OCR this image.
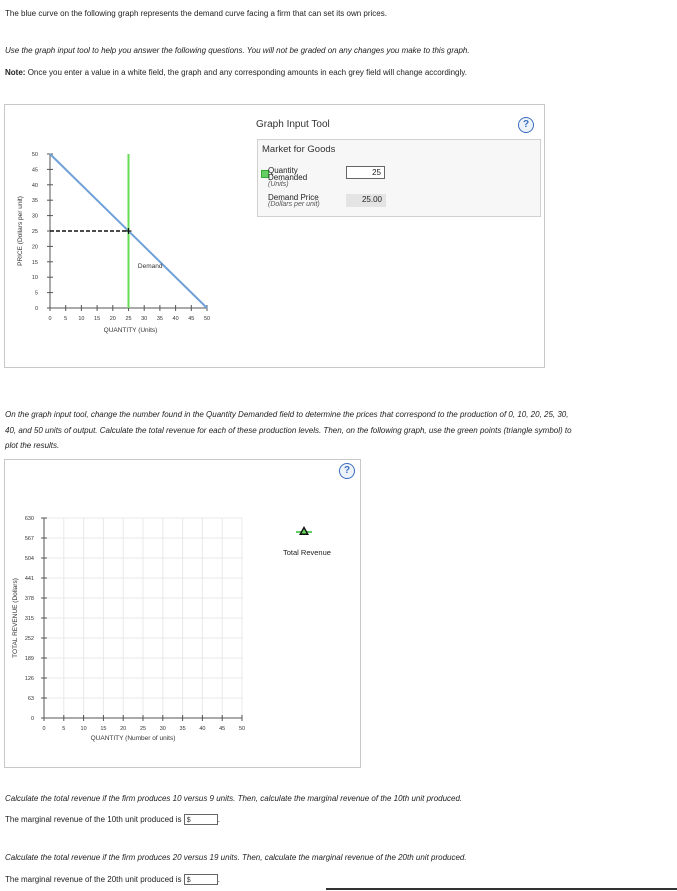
The blue curve on the following graph represents the demand curve facing a firm that can set its own prices.
Use the graph input tool to help you answer the following questions. You will not be graded on any changes you make to this graph.
Note: Once you enter a value in a white field, the graph and any corresponding amounts in each grey field will change accordingly.
0
5
10
15
20
25
30
35
40
45
50
0 5 10 15 20 25 30 35 40 45 50
Demand
QUANTITY (Units)
PRICE (Dollars per unit)
Graph Input Tool	?
Market for Goods
Quantity
Demanded
(Units)
25
Demand Price
(Dollars per unit)
25.00
On the graph input tool, change the number found in the Quantity Demanded field to determine the prices that correspond to the production of 0, 10, 20, 25, 30, 40, and 50 units of output. Calculate the total revenue for each of these production levels. Then, on the following graph, use the green points (triangle symbol) to plot the results.
?
0
63
126
189
252
315
378
441
504
567
630
0	5	10 15 20 25 30 35 40 45 50
QUANTITY (Number of units)
TOTAL REVENUE (Dollars)
Total Revenue
Calculate the total revenue if the firm produces 10 versus 9 units. Then, calculate the marginal revenue of the 10th unit produced.
The marginal revenue of the 10th unit produced is $	.
Calculate the total revenue if the firm produces 20 versus 19 units. Then, calculate the marginal revenue of the 20th unit produced.
The marginal revenue of the 20th unit produced is $	.
